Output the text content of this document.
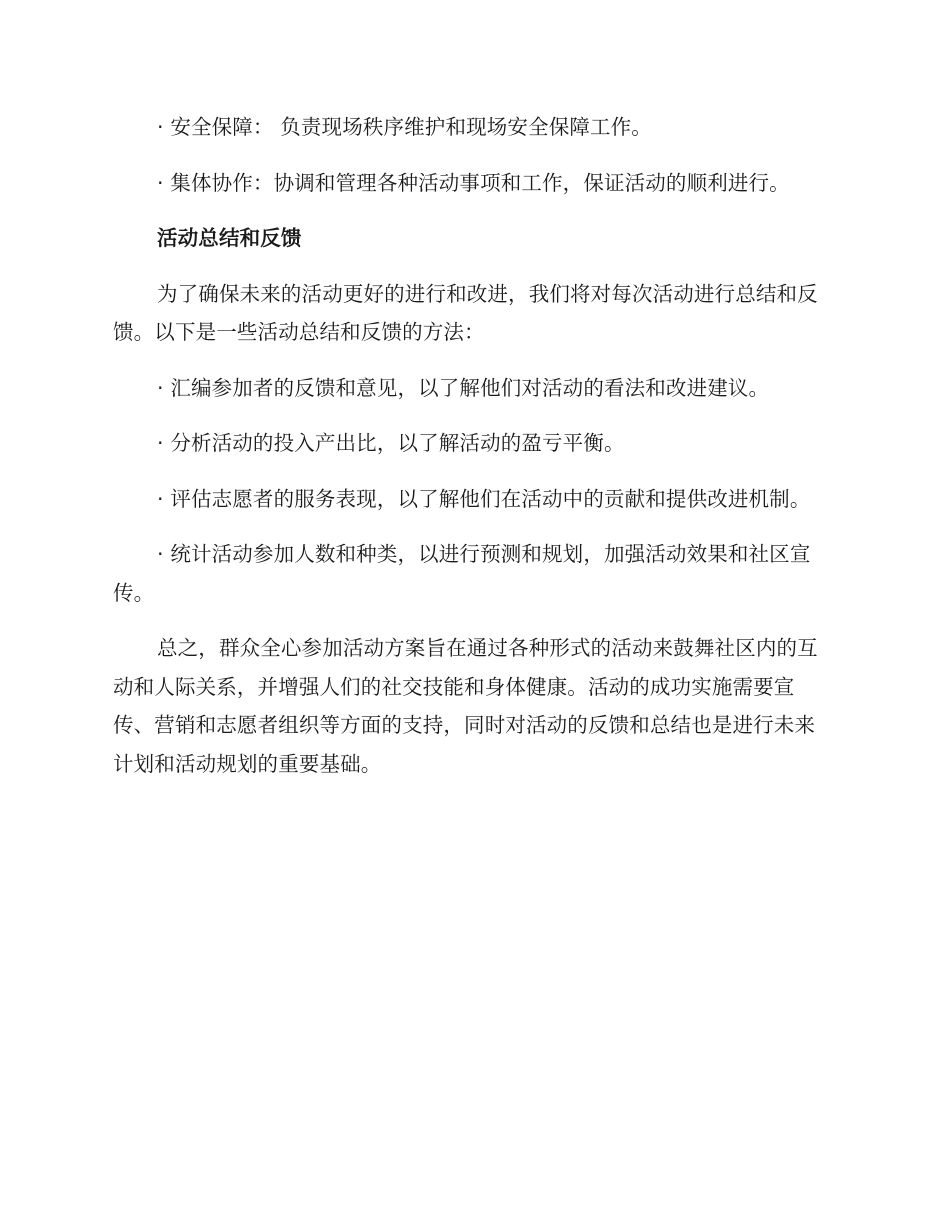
· 安全保障： 负责现场秩序维护和现场安全保障工作。

· 集体协作：协调和管理各种活动事项和工作，保证活动的顺利进行。

活动总结和反馈

为了确保未来的活动更好的进行和改进，我们将对每次活动进行总结和反馈。以下是一些活动总结和反馈的方法：

· 汇编参加者的反馈和意见，以了解他们对活动的看法和改进建议。

· 分析活动的投入产出比，以了解活动的盈亏平衡。

· 评估志愿者的服务表现，以了解他们在活动中的贡献和提供改进机制。

· 统计活动参加人数和种类，以进行预测和规划，加强活动效果和社区宣传。

总之，群众全心参加活动方案旨在通过各种形式的活动来鼓舞社区内的互动和人际关系，并增强人们的社交技能和身体健康。活动的成功实施需要宣传、营销和志愿者组织等方面的支持，同时对活动的反馈和总结也是进行未来计划和活动规划的重要基础。
